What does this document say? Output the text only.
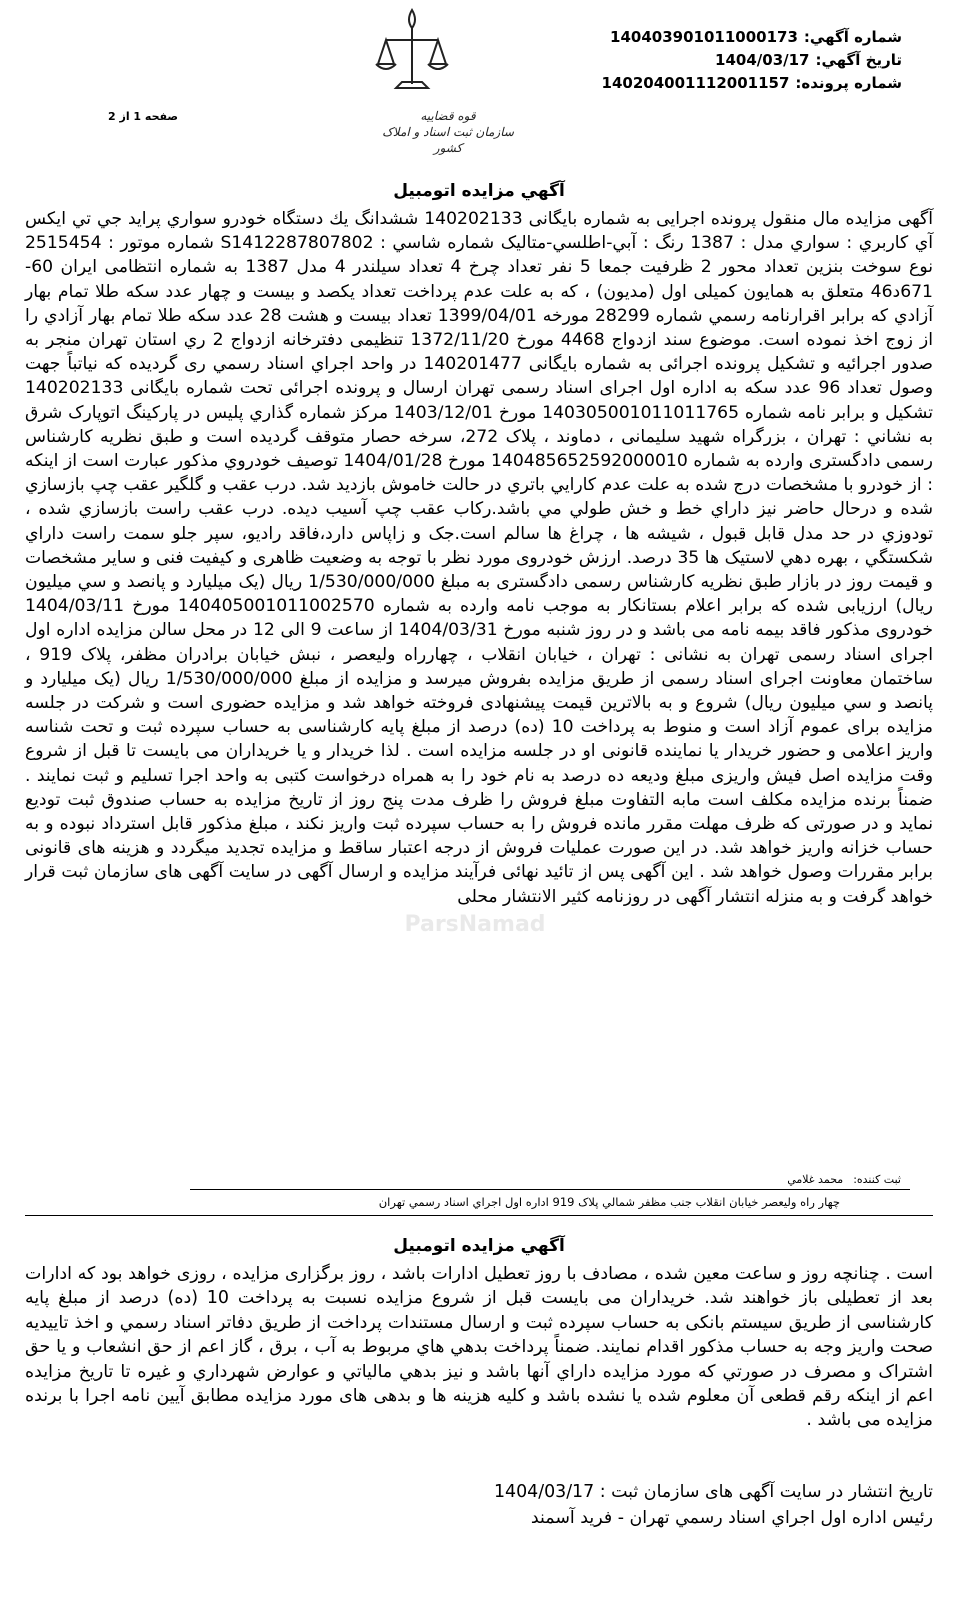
قوه قضاییه
سازمان ثبت اسناد و املاک کشور
شماره آگهي:14040390101100017​3
تاريخ آگهي:1404/03/17
شماره پرونده:14020400111200115​7
صفحه 1 از 2
آگهي مزايده اتومبيل

آگهی مزایده مال منقول پرونده اجرایی به شماره بایگانی 140202133 ششدانگ يك دستگاه خودرو سواري پرايد جي تي ايكس آي كاربري : سواري مدل : 1387 رنگ : آبي-اطلسي-متاليک شماره شاسي : S1412287807802 شماره موتور : 2515454 نوع سوخت بنزين تعداد محور 2 ظرفيت جمعا 5 نفر تعداد چرخ 4 تعداد سيلندر 4 مدل 1387 به شماره انتظامی ایران 60-671د46 متعلق به همايون كميلى اول (مديون) ، كه به علت عدم پرداخت تعداد يكصد و بيست و چهار عدد سكه طلا تمام بهار آزادي كه برابر اقرارنامه رسمي شماره 28299 مورخه 1399/04/01 تعداد بيست و هشت 28 عدد سكه طلا تمام بهار آزادي را از زوج اخذ نموده است. موضوع سند ازدواج 4468 مورخ 1372/11/20 تنظيمی دفترخانه ازدواج 2 ري استان تهران منجر به صدور اجرائيه و تشكيل پرونده اجرائی به شماره بايگانی 140201477 در واحد اجراي اسناد رسمي ری گرديده كه نياتباً جهت وصول تعداد 96 عدد سكه به اداره اول اجرای اسناد رسمی تهران ارسال و پرونده اجرائی تحت شماره بايگانی 140202133 تشكيل و برابر نامه شماره 14030500101101176​5 مورخ 1403/12/01 مركز شماره گذاري پليس در پاركينگ اتوپارک شرق به نشاني : تهران ، بزرگراه شهيد سليمانی ، دماوند ، پلاک 272، سرخه حصار متوقف گرديده است و طبق نظريه كارشناس رسمی دادگستری وارده به شماره 14048565259200001​0 مورخ 1404/01/28 توصيف خودروي مذكور عبارت است از اينكه : از خودرو با مشخصات درج شده به علت عدم كارايي باتري در حالت خاموش بازديد شد. درب عقب و گلگير عقب چپ بازسازي شده و درحال حاضر نيز داراي خط و خش طولي مي باشد.ركاب عقب چپ آسيب ديده. درب عقب راست بازسازي شده ، تودوزي در حد مدل قابل قبول ، شيشه ها ، چراغ ها سالم است.جک و زاپاس دارد،فاقد راديو، سپر جلو سمت راست داراي شكستگي ، بهره دهي لاستيک ها 35 درصد. ارزش خودروی مورد نظر با توجه به وضعيت ظاهری و كيفيت فنی و ساير مشخصات و قيمت روز در بازار طبق نظريه كارشناس رسمی دادگستری به مبلغ 1/530/000/000 ريال (يک ميليارد و پانصد و سي ميليون ريال) ارزيابی شده كه برابر اعلام بستانكار به موجب نامه وارده به شماره 14040500101100257​0 مورخ 1404/03/11 خودروی مذكور فاقد بيمه نامه می باشد و در روز شنبه مورخ 1404/03/31 از ساعت 9 الی 12 در محل سالن مزايده اداره اول اجرای اسناد رسمی تهران به نشانی : تهران ، خيابان انقلاب ، چهارراه وليعصر ، نبش خيابان برادران مظفر، پلاک 919 ، ساختمان معاونت اجرای اسناد رسمی از طريق مزايده بفروش ميرسد و مزايده از مبلغ 1/530/000/000 ريال (يک ميليارد و پانصد و سي ميليون ريال) شروع و به بالاترين قيمت پيشنهادی فروخته خواهد شد و مزايده حضوری است و شركت در جلسه مزايده برای عموم آزاد است و منوط به پرداخت 10 (ده) درصد از مبلغ پايه كارشناسی به حساب سپرده ثبت و تحت شناسه واريز اعلامی و حضور خريدار يا نماينده قانونی او در جلسه مزايده است . لذا خريدار و يا خريداران می بايست تا قبل از شروع وقت مزايده اصل فيش واريزی مبلغ وديعه ده درصد به نام خود را به همراه درخواست كتبی به واحد اجرا تسليم و ثبت نمايند . ضمناً برنده مزايده مكلف است مابه التفاوت مبلغ فروش را ظرف مدت پنج روز از تاريخ مزايده به حساب صندوق ثبت توديع نمايد و در صورتی كه ظرف مهلت مقرر مانده فروش را به حساب سپرده ثبت واريز نكند ، مبلغ مذكور قابل استرداد نبوده و به حساب خزانه واريز خواهد شد. در اين صورت عمليات فروش از درجه اعتبار ساقط و مزايده تجديد ميگردد و هزينه های قانونی برابر مقررات وصول خواهد شد . اين آگهی پس از تائيد نهائی فرآيند مزايده و ارسال آگهی در سايت آگهی های سازمان ثبت قرار خواهد گرفت و به منزله انتشار آگهی در روزنامه كثير الانتشار محلی

ParsNamad
ثبت كننده:محمد غلامي
چهار راه وليعصر خيابان انقلاب جنب مظفر شمالي پلاک 919 اداره اول اجراي اسناد رسمي تهران
آگهي مزايده اتومبيل

است . چنانچه روز و ساعت معين شده ، مصادف با روز تعطيل ادارات باشد ، روز برگزاری مزايده ، روزی خواهد بود كه ادارات بعد از تعطيلی باز خواهند شد. خريداران می بايست قبل از شروع مزايده نسبت به پرداخت 10 (ده) درصد از مبلغ پايه كارشناسی از طريق سيستم بانكی به حساب سپرده ثبت و ارسال مستندات پرداخت از طريق دفاتر اسناد رسمي و اخذ تاييديه صحت واريز وجه به حساب مذكور اقدام نمايند. ضمناً پرداخت بدهي هاي مربوط به آب ، برق ، گاز اعم از حق انشعاب و يا حق اشتراک و مصرف در صورتي كه مورد مزايده داراي آنها باشد و نيز بدهي مالياتي و عوارض شهرداري و غيره تا تاريخ مزايده اعم از اينكه رقم قطعی آن معلوم شده يا نشده باشد و كليه هزينه ها و بدهی های مورد مزايده مطابق آيين نامه اجرا با برنده مزايده می باشد .

تاريخ انتشار در سايت آگهی های سازمان ثبت : 1404/03/17
رئيس اداره اول اجراي اسناد رسمي تهران - فريد آسمند
